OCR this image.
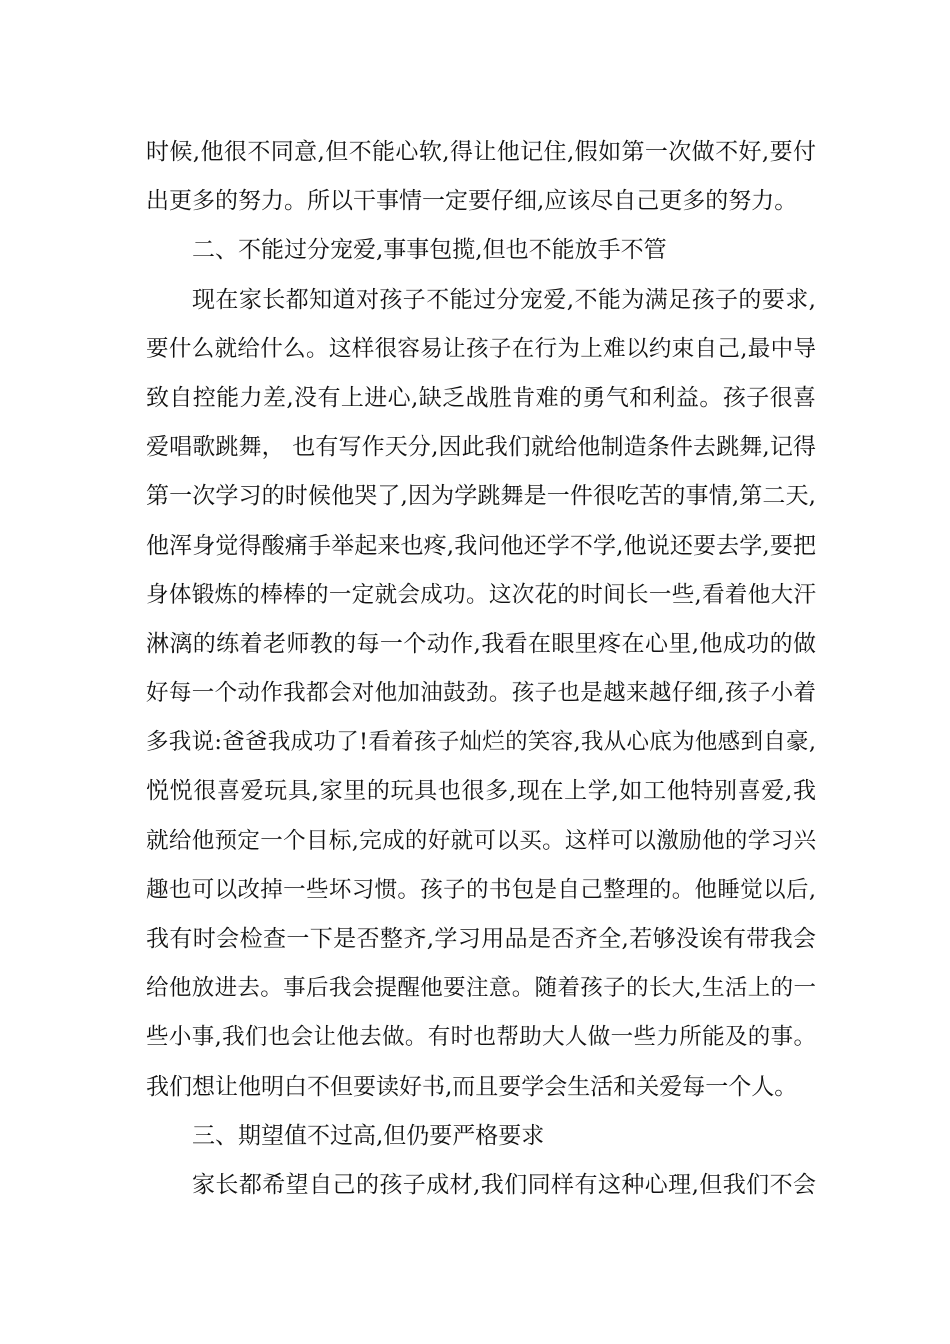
时候,他很不同意,但不能心软,得让他记住,假如第一次做不好,要付
出更多的努力。所以干事情一定要仔细,应该尽自己更多的努力。
二、不能过分宠爱,事事包揽,但也不能放手不管
现在家长都知道对孩子不能过分宠爱,不能为满足孩子的要求,
要什么就给什么。这样很容易让孩子在行为上难以约束自己,最中导
致自控能力差,没有上进心,缺乏战胜肯难的勇气和利益。孩子很喜
爱唱歌跳舞， 也有写作天分,因此我们就给他制造条件去跳舞,记得
第一次学习的时候他哭了,因为学跳舞是一件很吃苦的事情,第二天,
他浑身觉得酸痛手举起来也疼,我问他还学不学,他说还要去学,要把
身体锻炼的棒棒的一定就会成功。这次花的时间长一些,看着他大汗
淋漓的练着老师教的每一个动作,我看在眼里疼在心里,他成功的做
好每一个动作我都会对他加油鼓劲。孩子也是越来越仔细,孩子小着
多我说:爸爸我成功了!看着孩子灿烂的笑容,我从心底为他感到自豪,
悦悦很喜爱玩具,家里的玩具也很多,现在上学,如工他特别喜爱,我
就给他预定一个目标,完成的好就可以买。这样可以激励他的学习兴
趣也可以改掉一些坏习惯。孩子的书包是自己整理的。他睡觉以后,
我有时会检查一下是否整齐,学习用品是否齐全,若够没诶有带我会
给他放进去。事后我会提醒他要注意。随着孩子的长大,生活上的一
些小事,我们也会让他去做。有时也帮助大人做一些力所能及的事。
我们想让他明白不但要读好书,而且要学会生活和关爱每一个人。
三、期望值不过高,但仍要严格要求
家长都希望自己的孩子成材,我们同样有这种心理,但我们不会
